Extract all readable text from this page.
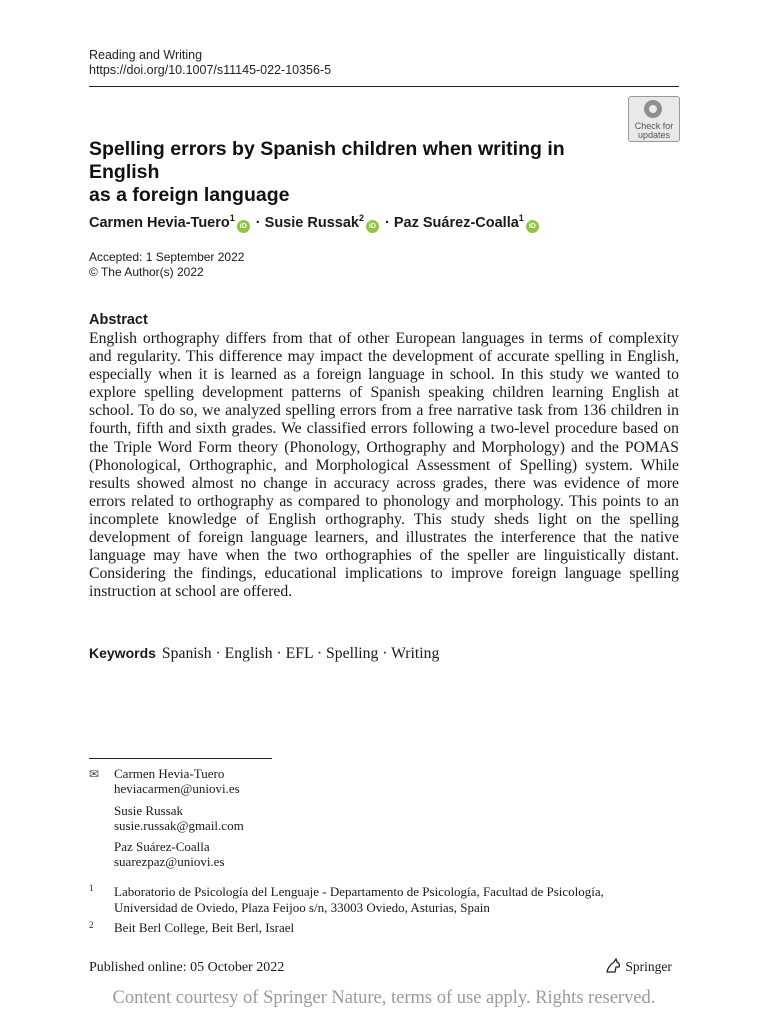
Reading and Writing
https://doi.org/10.1007/s11145-022-10356-5
Check for
updates
Spelling errors by Spanish children when writing in English
as a foreign language
Carmen Hevia-Tuero$^1$iD · Susie Russak$^2$iD · Paz Suárez-Coalla$^1$iD
Accepted: 1 September 2022
© The Author(s) 2022
Abstract
English orthography differs from that of other European languages in terms of complexity and regularity. This difference may impact the development of accurate spelling in English, especially when it is learned as a foreign language in school. In this study we wanted to explore spelling development patterns of Spanish speaking children learning English at school. To do so, we analyzed spelling errors from a free narrative task from 136 children in fourth, fifth and sixth grades. We classified errors following a two-level procedure based on the Triple Word Form theory (Phonology, Orthography and Morphology) and the POMAS (Phonological, Orthographic, and Morphological Assessment of Spelling) system. While results showed almost no change in accuracy across grades, there was evidence of more errors related to orthography as compared to phonology and morphology. This points to an incomplete knowledge of English orthography. This study sheds light on the spelling development of foreign language learners, and illustrates the interference that the native language may have when the two orthographies of the speller are linguistically distant. Considering the findings, educational implications to improve foreign language spelling instruction at school are offered.
Keywords Spanish · English · EFL · Spelling · Writing
✉ Carmen Hevia-Tuero
heviacarmen@uniovi.es
Susie Russak
susie.russak@gmail.com
Paz Suárez-Coalla
suarezpaz@uniovi.es
1 Laboratorio de Psicología del Lenguaje - Departamento de Psicología, Facultad de Psicología,
Universidad de Oviedo, Plaza Feijoo s/n, 33003 Oviedo, Asturias, Spain
2 Beit Berl College, Beit Berl, Israel
Published online: 05 October 2022	Springer
Content courtesy of Springer Nature, terms of use apply. Rights reserved.
